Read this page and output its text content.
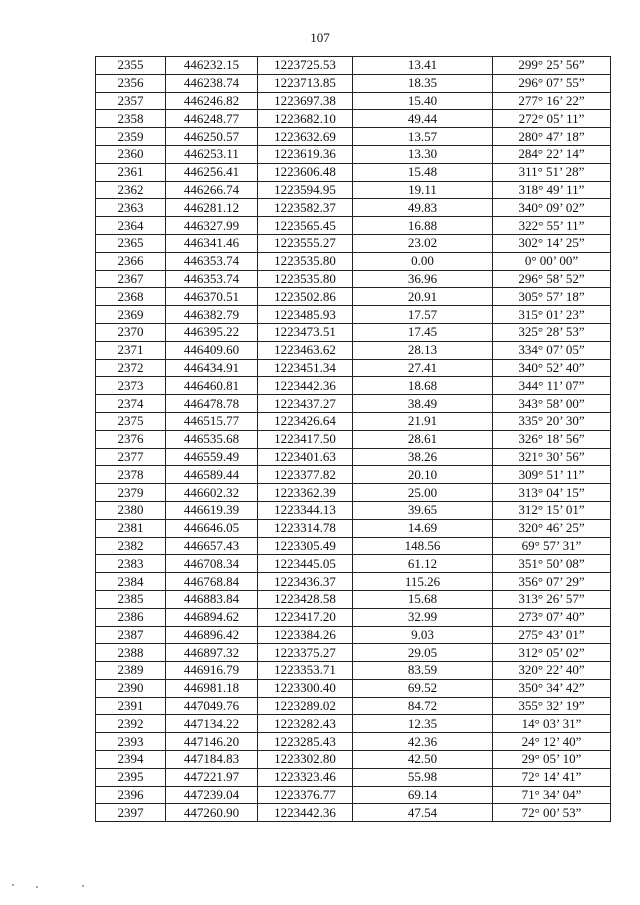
107
2355	446232.15	1223725.53	13.41	299° 25’ 56”
2356	446238.74	1223713.85	18.35	296° 07’ 55”
2357	446246.82	1223697.38	15.40	277° 16’ 22”
2358	446248.77	1223682.10	49.44	272° 05’ 11”
2359	446250.57	1223632.69	13.57	280° 47’ 18”
2360	446253.11	1223619.36	13.30	284° 22’ 14”
2361	446256.41	1223606.48	15.48	311° 51’ 28”
2362	446266.74	1223594.95	19.11	318° 49’ 11”
2363	446281.12	1223582.37	49.83	340° 09’ 02”
2364	446327.99	1223565.45	16.88	322° 55’ 11”
2365	446341.46	1223555.27	23.02	302° 14’ 25”
2366	446353.74	1223535.80	0.00	0° 00’ 00”
2367	446353.74	1223535.80	36.96	296° 58’ 52”
2368	446370.51	1223502.86	20.91	305° 57’ 18”
2369	446382.79	1223485.93	17.57	315° 01’ 23”
2370	446395.22	1223473.51	17.45	325° 28’ 53”
2371	446409.60	1223463.62	28.13	334° 07’ 05”
2372	446434.91	1223451.34	27.41	340° 52’ 40”
2373	446460.81	1223442.36	18.68	344° 11’ 07”
2374	446478.78	1223437.27	38.49	343° 58’ 00”
2375	446515.77	1223426.64	21.91	335° 20’ 30”
2376	446535.68	1223417.50	28.61	326° 18’ 56”
2377	446559.49	1223401.63	38.26	321° 30’ 56”
2378	446589.44	1223377.82	20.10	309° 51’ 11”
2379	446602.32	1223362.39	25.00	313° 04’ 15”
2380	446619.39	1223344.13	39.65	312° 15’ 01”
2381	446646.05	1223314.78	14.69	320° 46’ 25”
2382	446657.43	1223305.49	148.56	69° 57’ 31”
2383	446708.34	1223445.05	61.12	351° 50’ 08”
2384	446768.84	1223436.37	115.26	356° 07’ 29”
2385	446883.84	1223428.58	15.68	313° 26’ 57”
2386	446894.62	1223417.20	32.99	273° 07’ 40”
2387	446896.42	1223384.26	9.03	275° 43’ 01”
2388	446897.32	1223375.27	29.05	312° 05’ 02”
2389	446916.79	1223353.71	83.59	320° 22’ 40”
2390	446981.18	1223300.40	69.52	350° 34’ 42”
2391	447049.76	1223289.02	84.72	355° 32’ 19”
2392	447134.22	1223282.43	12.35	14° 03’ 31”
2393	447146.20	1223285.43	42.36	24° 12’ 40”
2394	447184.83	1223302.80	42.50	29° 05’ 10”
2395	447221.97	1223323.46	55.98	72° 14’ 41”
2396	447239.04	1223376.77	69.14	71° 34’ 04”
2397	447260.90	1223442.36	47.54	72° 00’ 53”
